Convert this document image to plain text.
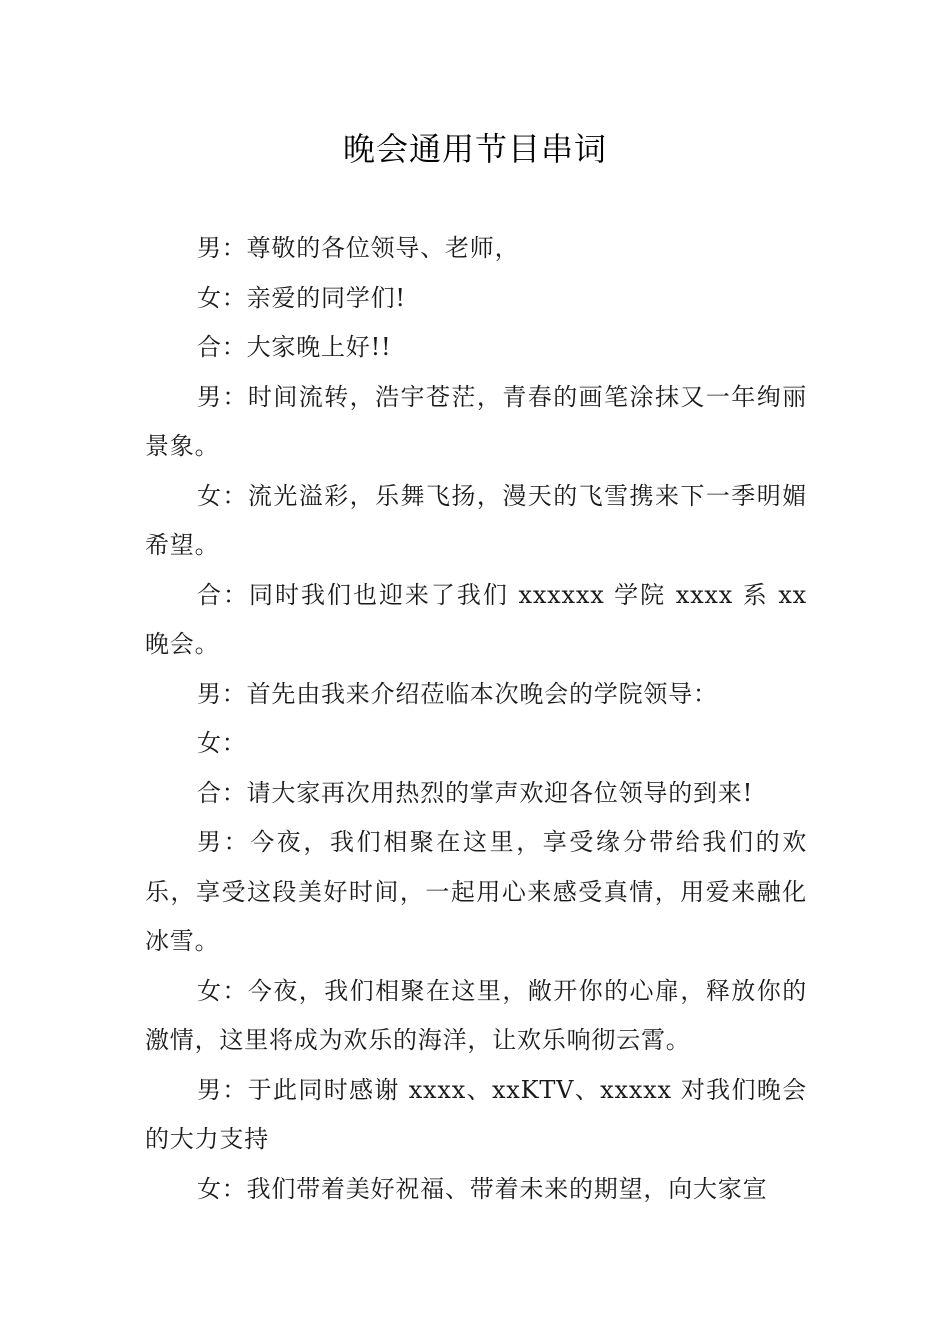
晚会通用节目串词

男：尊敬的各位领导、老师，

女：亲爱的同学们!

合：大家晚上好!!

男：时间流转，浩宇苍茫，青春的画笔涂抹又一年绚丽景象。

女：流光溢彩，乐舞飞扬，漫天的飞雪携来下一季明媚希望。

合：同时我们也迎来了我们 xxxxxx 学院 xxxx 系 xx 晚会。

男：首先由我来介绍莅临本次晚会的学院领导：

女：

合：请大家再次用热烈的掌声欢迎各位领导的到来!

男：今夜，我们相聚在这里，享受缘分带给我们的欢乐，享受这段美好时间，一起用心来感受真情，用爱来融化冰雪。

女：今夜，我们相聚在这里，敞开你的心扉，释放你的激情，这里将成为欢乐的海洋，让欢乐响彻云霄。

男：于此同时感谢 xxxx、xxKTV、xxxxx 对我们晚会的大力支持

女：我们带着美好祝福、带着未来的期望，向大家宣
